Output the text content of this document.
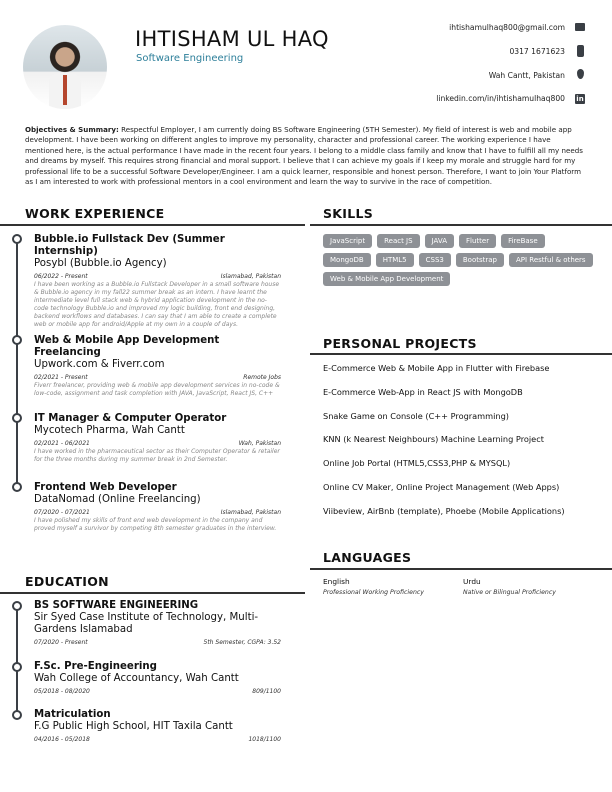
IHTISHAM UL HAQ
Software Engineering
ihtishamulhaq800@gmail.com
0317 1671623
Wah Cantt, Pakistan
linkedin.com/in/ihtishamulhaq800 in
Objectives & Summary: Respectful Employer, I am currently doing BS Software Engineering (5TH Semester). My field of interest is web and mobile app development. I have been working on different angles to improve my personality, character and professional career. The working experience I have mentioned here, is the actual performance I have made in the recent four years. I belong to a middle class family and know that I have to fulfill all my needs and dreams by myself. This requires strong financial and moral support. I believe that I can achieve my goals if I keep my morale and struggle hard for my professional life to be a successful Software Developer/Engineer. I am a quick learner, responsible and honest person. Therefore, I want to join Your Platform as I am interested to work with professional mentors in a cool environment and learn the way to survive in the race of competition.
WORK EXPERIENCE
Bubble.io Fullstack Dev (Summer Internship)
Posybl (Bubble.io Agency)
06/2022 - Present	Islamabad, Pakistan
I have been working as a Bubble.io Fullstack Developer in a small software house & Bubble.io agency in my fall22 summer break as an intern. I have learnt the intermediate level full stack web & hybrid application development in the no-code technology Bubble.io and improved my logic building, front end designing, backend workflows and databases. I can say that I am able to create a complete web or mobile app for android/Apple at my own in a couple of days.
Web & Mobile App Development Freelancing
Upwork.com & Fiverr.com
02/2021 - Present	Remote Jobs
Fiverr freelancer, providing web & mobile app development services in no-code & low-code, assignment and task completion with JAVA, JavaScript, React JS, C++
IT Manager & Computer Operator
Mycotech Pharma, Wah Cantt
02/2021 - 06/2021	Wah, Pakistan
I have worked in the pharmaceutical sector as their Computer Operator & retailer for the three months during my summer break in 2nd Semester.
Frontend Web Developer
DataNomad (Online Freelancing)
07/2020 - 07/2021	Islamabad, Pakistan
I have polished my skills of front end web development in the company and proved myself a survivor by competing 8th semester graduates in the interview.
EDUCATION
BS SOFTWARE ENGINEERING
Sir Syed Case Institute of Technology, Multi-Gardens Islamabad
07/2020 - Present	5th Semester, CGPA: 3.52
F.Sc. Pre-Engineering
Wah College of Accountancy, Wah Cantt
05/2018 - 08/2020	809/1100
Matriculation
F.G Public High School, HIT Taxila Cantt
04/2016 - 05/2018	1018/1100
SKILLS
JavaScript	React JS	JAVA	Flutter	FireBase
MongoDB	HTML5	CSS3	Bootstrap	API Restful & others
Web & Mobile App Development
PERSONAL PROJECTS
E-Commerce Web & Mobile App in Flutter with Firebase
E-Commerce Web-App in React JS with MongoDB
Snake Game on Console (C++ Programming)
KNN (k Nearest Neighbours) Machine Learning Project
Online Job Portal (HTML5,CSS3,PHP & MYSQL)
Online CV Maker, Online Project Management (Web Apps)
Viibeview, AirBnb (template), Phoebe (Mobile Applications)
LANGUAGES
English
Professional Working Proficiency
Urdu
Native or Bilingual Proficiency
